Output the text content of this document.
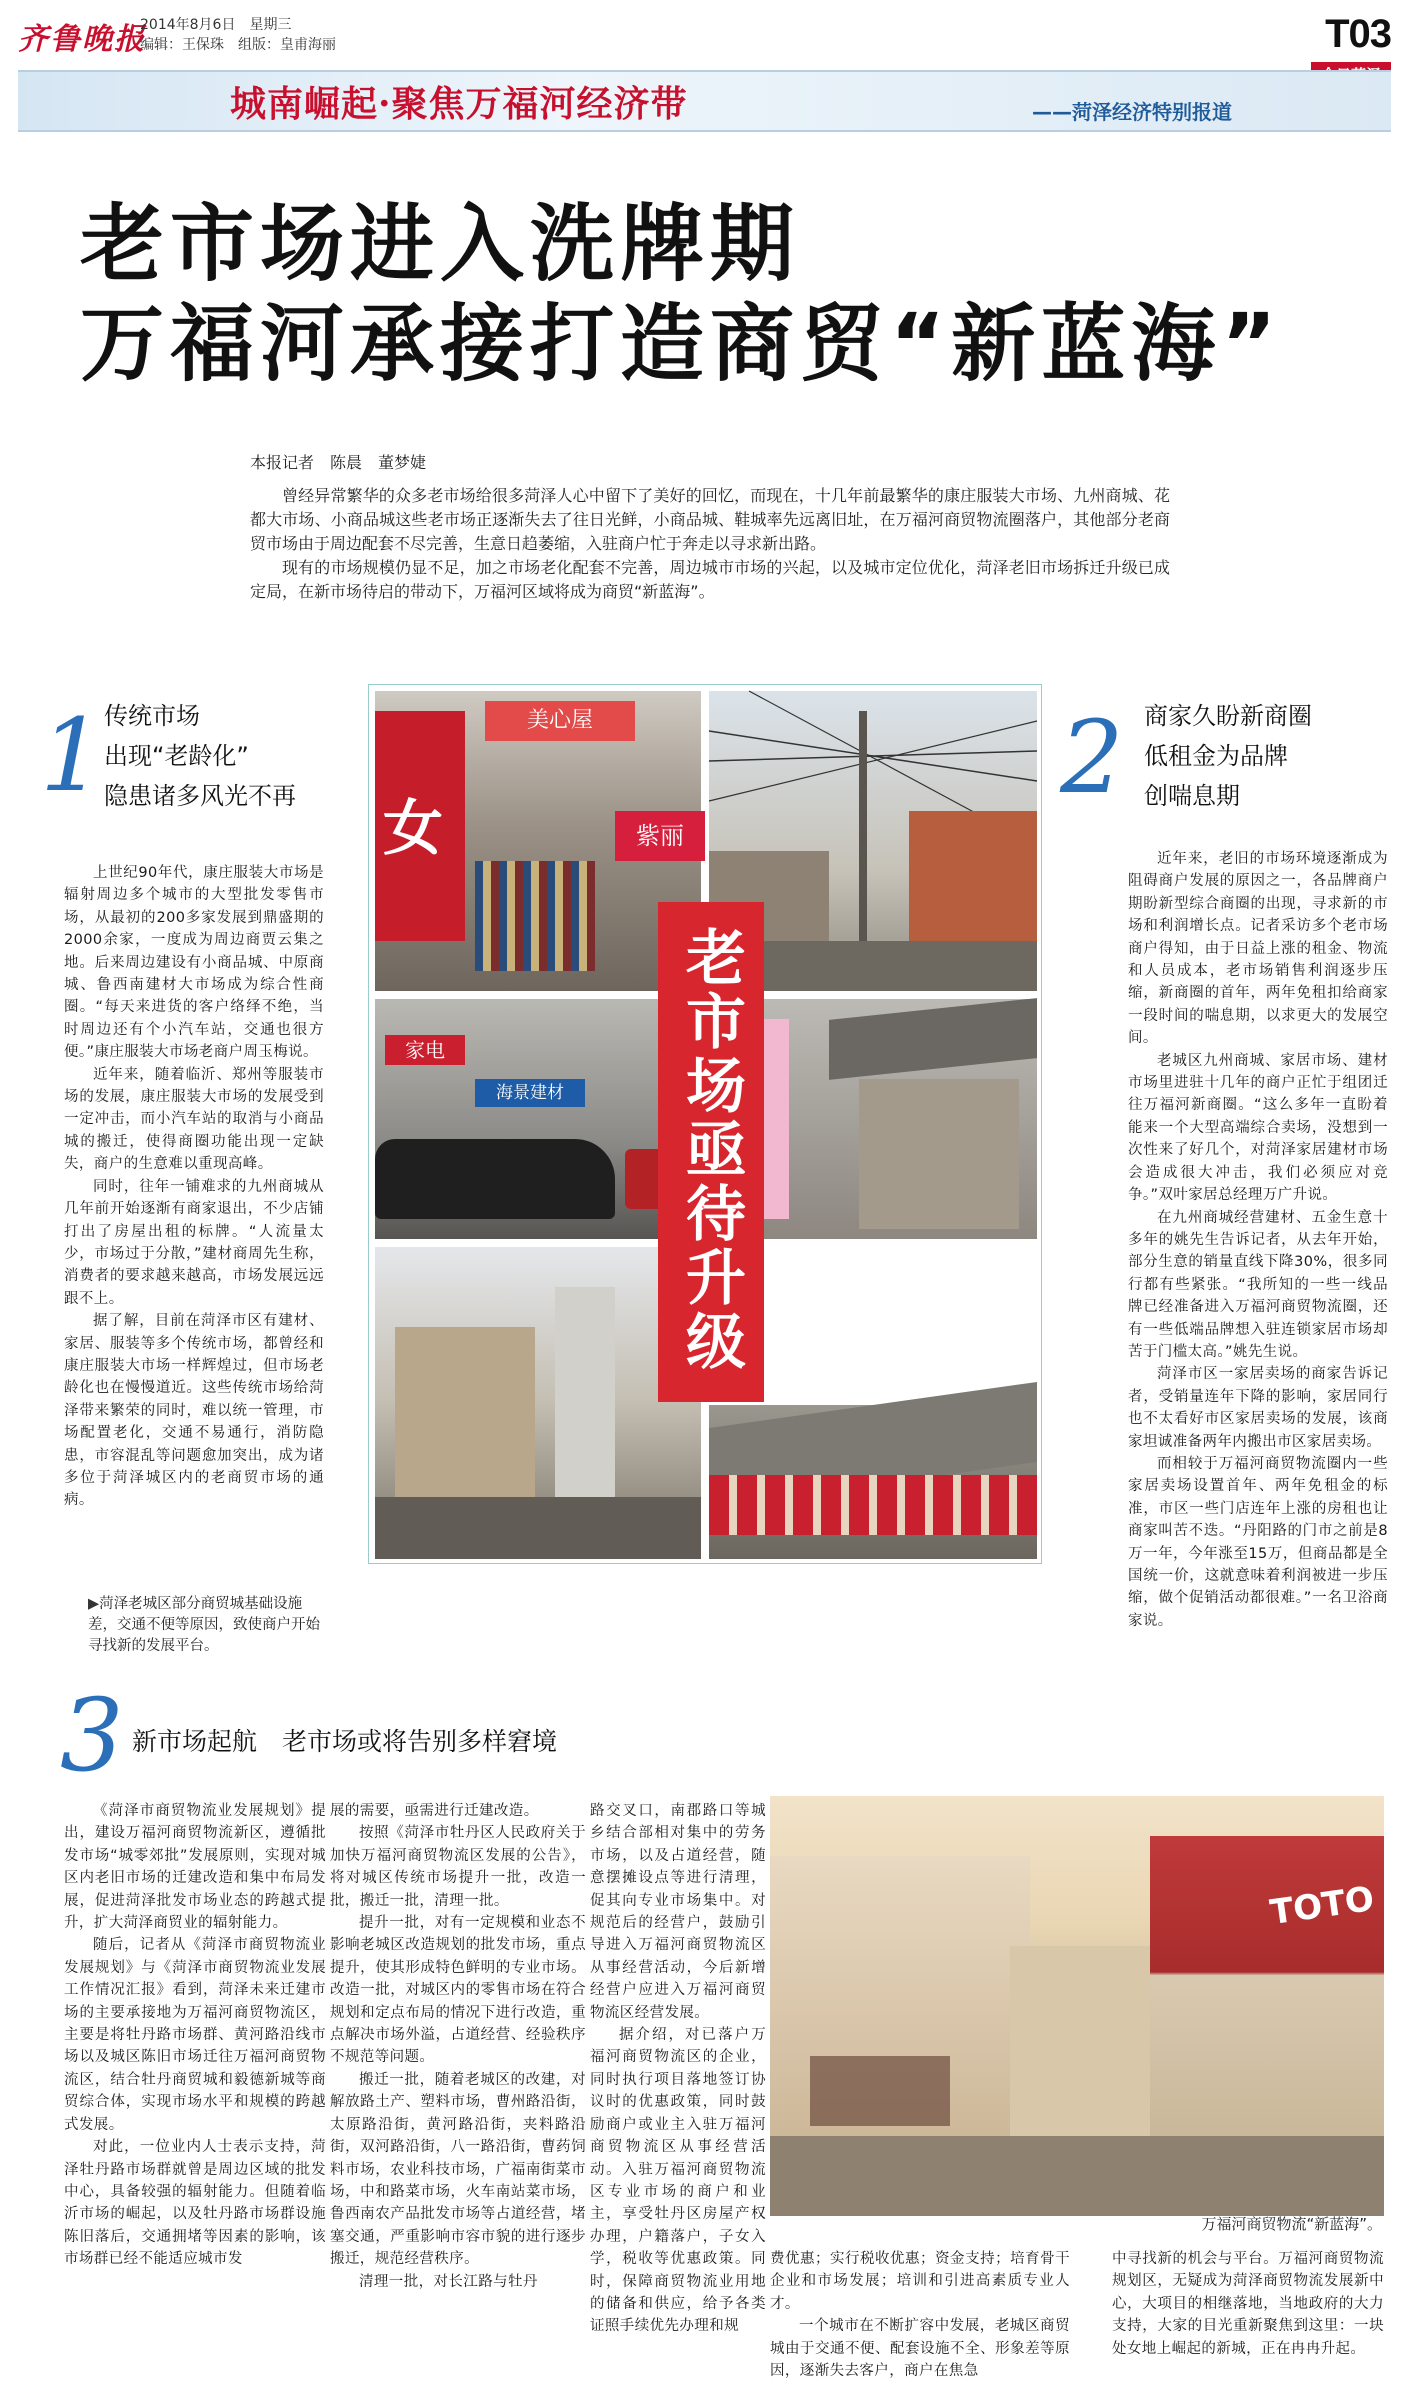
齐鲁晚报
2014年8月6日　星期三
编辑：王保珠　组版：皇甫海丽	T03
城南崛起·聚焦万福河经济带	——菏泽经济特别报道
老市场进入洗牌期
万福河承接打造商贸“新蓝海”
本报记者　陈晨　董梦婕

曾经异常繁华的众多老市场给很多菏泽人心中留下了美好的回忆，而现在，十几年前最繁华的康庄服装大市场、九州商城、花都大市场、小商品城这些老市场正逐渐失去了往日光鲜，小商品城、鞋城率先远离旧址，在万福河商贸物流圈落户，其他部分老商贸市场由于周边配套不尽完善，生意日趋萎缩，入驻商户忙于奔走以寻求新出路。

现有的市场规模仍显不足，加之市场老化配套不完善，周边城市市场的兴起，以及城市定位优化，菏泽老旧市场拆迁升级已成定局，在新市场待启的带动下，万福河区域将成为商贸“新蓝海”。

1 传统市场
出现“老龄化”
隐患诸多风光不再

上世纪90年代，康庄服装大市场是辐射周边多个城市的大型批发零售市场，从最初的200多家发展到鼎盛期的2000余家，一度成为周边商贾云集之地。后来周边建设有小商品城、中原商城、鲁西南建材大市场成为综合性商圈。“每天来进货的客户络绎不绝，当时周边还有个小汽车站，交通也很方便。”康庄服装大市场老商户周玉梅说。

近年来，随着临沂、郑州等服装市场的发展，康庄服装大市场的发展受到一定冲击，而小汽车站的取消与小商品城的搬迁，使得商圈功能出现一定缺失，商户的生意难以重现高峰。

同时，往年一铺难求的九州商城从几年前开始逐渐有商家退出，不少店铺打出了房屋出租的标牌。“人流量太少，市场过于分散，”建材商周先生称，消费者的要求越来越高，市场发展远远跟不上。

据了解，目前在菏泽市区有建材、家居、服装等多个传统市场，都曾经和康庄服装大市场一样辉煌过，但市场老龄化也在慢慢道近。这些传统市场给菏泽带来繁荣的同时，难以统一管理，市场配置老化，交通不易通行，消防隐患，市容混乱等问题愈加突出，成为诸多位于菏泽城区内的老商贸市场的通病。

▶菏泽老城区部分商贸城基础设施差，交通不便等原因，致使商户开始寻找新的发展平台。
女
美心屋
紫丽
家电
海景建材	老市场亟待升级
2 商家久盼新商圈
低租金为品牌
创喘息期

近年来，老旧的市场环境逐渐成为阻碍商户发展的原因之一，各品牌商户期盼新型综合商圈的出现，寻求新的市场和利润增长点。记者采访多个老市场商户得知，由于日益上涨的租金、物流和人员成本，老市场销售利润逐步压缩，新商圈的首年，两年免租扣给商家一段时间的喘息期，以求更大的发展空间。

老城区九州商城、家居市场、建材市场里进驻十几年的商户正忙于组团迁往万福河新商圈。“这么多年一直盼着能来一个大型高端综合卖场，没想到一次性来了好几个，对菏泽家居建材市场会造成很大冲击，我们必须应对竞争。”双叶家居总经理万广升说。

在九州商城经营建材、五金生意十多年的姚先生告诉记者，从去年开始，部分生意的销量直线下降30%，很多同行都有些紧张。“我所知的一些一线品牌已经准备进入万福河商贸物流圈，还有一些低端品牌想入驻连锁家居市场却苦于门槛太高。”姚先生说。

菏泽市区一家居卖场的商家告诉记者，受销量连年下降的影响，家居同行也不太看好市区家居卖场的发展，该商家坦诚准备两年内搬出市区家居卖场。

而相较于万福河商贸物流圈内一些家居卖场设置首年、两年免租金的标准，市区一些门店连年上涨的房租也让商家叫苦不迭。“丹阳路的门市之前是8万一年，今年涨至15万，但商品都是全国统一价，这就意味着利润被进一步压缩，做个促销活动都很难。”一名卫浴商家说。

3 新市场起航　老市场或将告别多样窘境

《菏泽市商贸物流业发展规划》提出，建设万福河商贸物流新区，遵循批发市场“城零郊批”发展原则，实现对城区内老旧市场的迁建改造和集中布局发展，促进菏泽批发市场业态的跨越式提升，扩大菏泽商贸业的辐射能力。

随后，记者从《菏泽市商贸物流业发展规划》与《菏泽市商贸物流业发展工作情况汇报》看到，菏泽未来迁建市场的主要承接地为万福河商贸物流区，主要是将牡丹路市场群、黄河路沿线市场以及城区陈旧市场迁往万福河商贸物流区，结合牡丹商贸城和毅德新城等商贸综合体，实现市场水平和规模的跨越式发展。

对此，一位业内人士表示支持，菏泽牡丹路市场群就曾是周边区域的批发中心，具备较强的辐射能力。但随着临沂市场的崛起，以及牡丹路市场群设施陈旧落后，交通拥堵等因素的影响，该市场群已经不能适应城市发

展的需要，亟需进行迁建改造。

按照《菏泽市牡丹区人民政府关于加快万福河商贸物流区发展的公告》，将对城区传统市场提升一批，改造一批，搬迁一批，清理一批。

提升一批，对有一定规模和业态不影响老城区改造规划的批发市场，重点提升，使其形成特色鲜明的专业市场。改造一批，对城区内的零售市场在符合规划和定点布局的情况下进行改造，重点解决市场外溢，占道经营、经验秩序不规范等问题。

搬迁一批，随着老城区的改建，对解放路土产、塑料市场，曹州路沿街，太原路沿街，黄河路沿街，夹料路沿街，双河路沿街，八一路沿街，曹药饲料市场，农业科技市场，广福南街菜市场，中和路菜市场，火车南站菜市场，鲁西南农产品批发市场等占道经营，堵塞交通，严重影响市容市貌的进行逐步搬迁，规范经营秩序。

清理一批，对长江路与牡丹

路交叉口，南郡路口等城乡结合部相对集中的劳务市场，以及占道经营，随意摆摊设点等进行清理，促其向专业市场集中。对规范后的经营户，鼓励引导进入万福河商贸物流区从事经营活动，今后新增经营户应进入万福河商贸物流区经营发展。

据介绍，对已落户万福河商贸物流区的企业，同时执行项目落地签订协议时的优惠政策，同时鼓励商户或业主入驻万福河商贸物流区从事经营活动。入驻万福河商贸物流区专业市场的商户和业主，享受牡丹区房屋产权办理，户籍落户，子女入学，税收等优惠政策。同时，保障商贸物流业用地的储备和供应，给予各类证照手续优先办理和规

TOTO
万福河商贸物流“新蓝海”。

费优惠；实行税收优惠；资金支持；培育骨干企业和市场发展；培训和引进高素质专业人才。

一个城市在不断扩容中发展，老城区商贸城由于交通不便、配套设施不全、形象差等原因，逐渐失去客户，商户在焦急

中寻找新的机会与平台。万福河商贸物流规划区，无疑成为菏泽商贸物流发展新中心，大项目的相继落地，当地政府的大力支持，大家的目光重新聚焦到这里：一块处女地上崛起的新城，正在冉冉升起。
